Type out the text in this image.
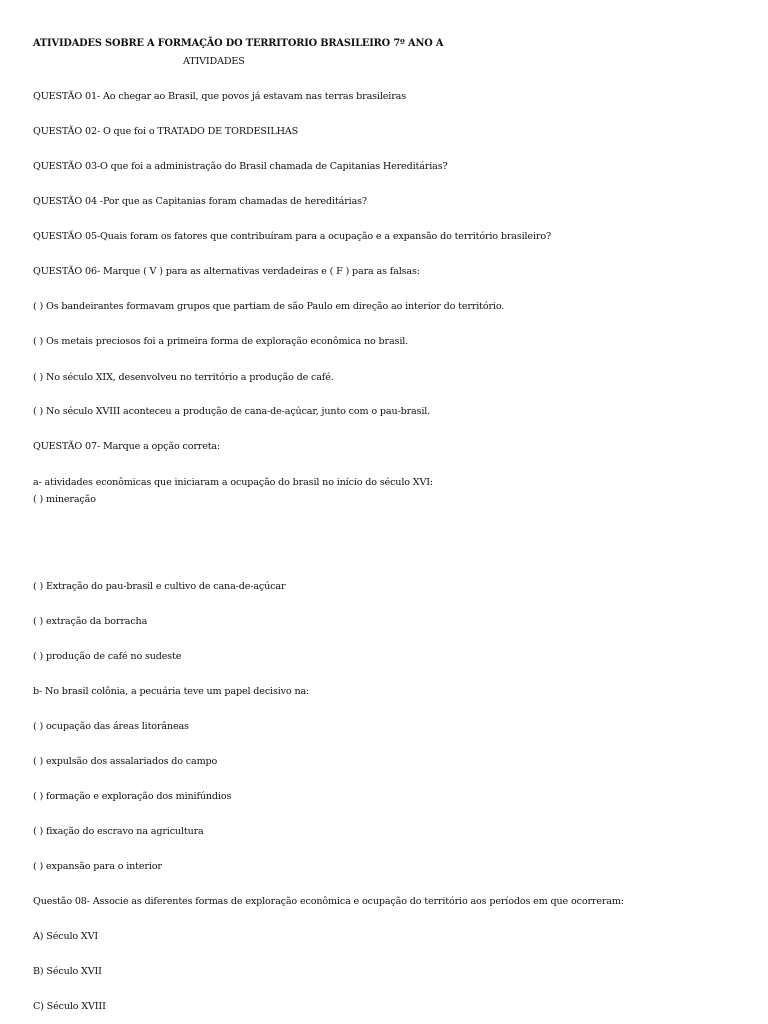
ATIVIDADES SOBRE A FORMAÇÃO DO TERRITORIO BRASILEIRO 7º ANO A
ATIVIDADES
QUESTÃO 01- Ao chegar ao Brasil, que povos já estavam nas terras brasileiras
QUESTÃO 02- O que foi o TRATADO DE TORDESILHAS
QUESTÃO 03-O que foi a administração do Brasil chamada de Capitanias Hereditárias?
QUESTÃO 04 -Por que as Capitanias foram chamadas de hereditárias?
QUESTÃO 05-Quais foram os fatores que contribuíram para a ocupação e a expansão do território brasileiro?
QUESTÃO 06- Marque ( V ) para as alternativas verdadeiras e ( F ) para as falsas:
( ) Os bandeirantes formavam grupos que partiam de são Paulo em direção ao interior do território.
( ) Os metais preciosos foi a primeira forma de exploração econômica no brasil.
( ) No século XIX, desenvolveu no território a produção de café.
( ) No século XVIII aconteceu a produção de cana-de-açúcar, junto com o pau-brasil.
QUESTÃO 07- Marque a opção correta:
a- atividades econômicas que iniciaram a ocupação do brasil no início do século XVI:
( ) mineração
( ) Extração do pau-brasil e cultivo de cana-de-açúcar
( ) extração da borracha
( ) produção de café no sudeste
b- No brasil colônia, a pecuária teve um papel decisivo na:
( ) ocupação das áreas litorâneas
( ) expulsão dos assalariados do campo
( ) formação e exploração dos minifúndios
( ) fixação do escravo na agricultura
( ) expansão para o interior
Questão 08- Associe as diferentes formas de exploração econômica e ocupação do território aos períodos em que ocorreram:
A) Século XVI
B) Século XVII
C) Século XVIII
